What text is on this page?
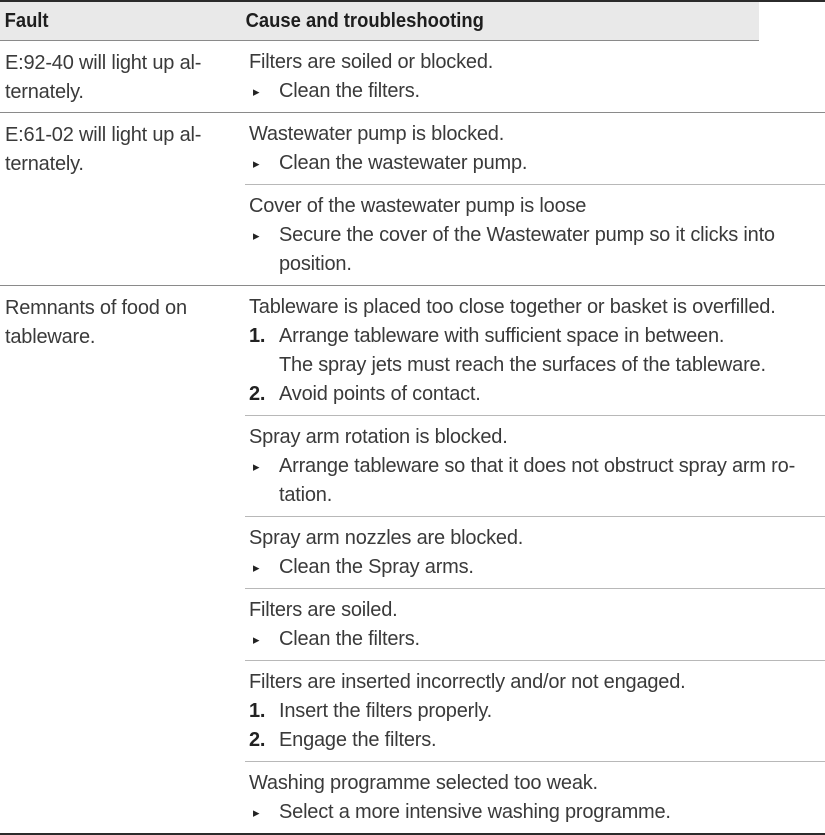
Fault	Cause and troubleshooting
E:92-40 will light up al-
ternately.
Filters are soiled or blocked.
▸ Clean the filters.
E:61-02 will light up al-
ternately.
Wastewater pump is blocked.
▸ Clean the wastewater pump.
Cover of the wastewater pump is loose
▸ Secure the cover of the Wastewater pump so it clicks into
position.
Remnants of food on
tableware.
Tableware is placed too close together or basket is overfilled.
1. Arrange tableware with sufficient space in between.
The spray jets must reach the surfaces of the tableware.
2. Avoid points of contact.
Spray arm rotation is blocked.
▸ Arrange tableware so that it does not obstruct spray arm ro-
tation.
Spray arm nozzles are blocked.
▸ Clean the Spray arms.
Filters are soiled.
▸ Clean the filters.
Filters are inserted incorrectly and/or not engaged.
1. Insert the filters properly.
2. Engage the filters.
Washing programme selected too weak.
▸ Select a more intensive washing programme.
